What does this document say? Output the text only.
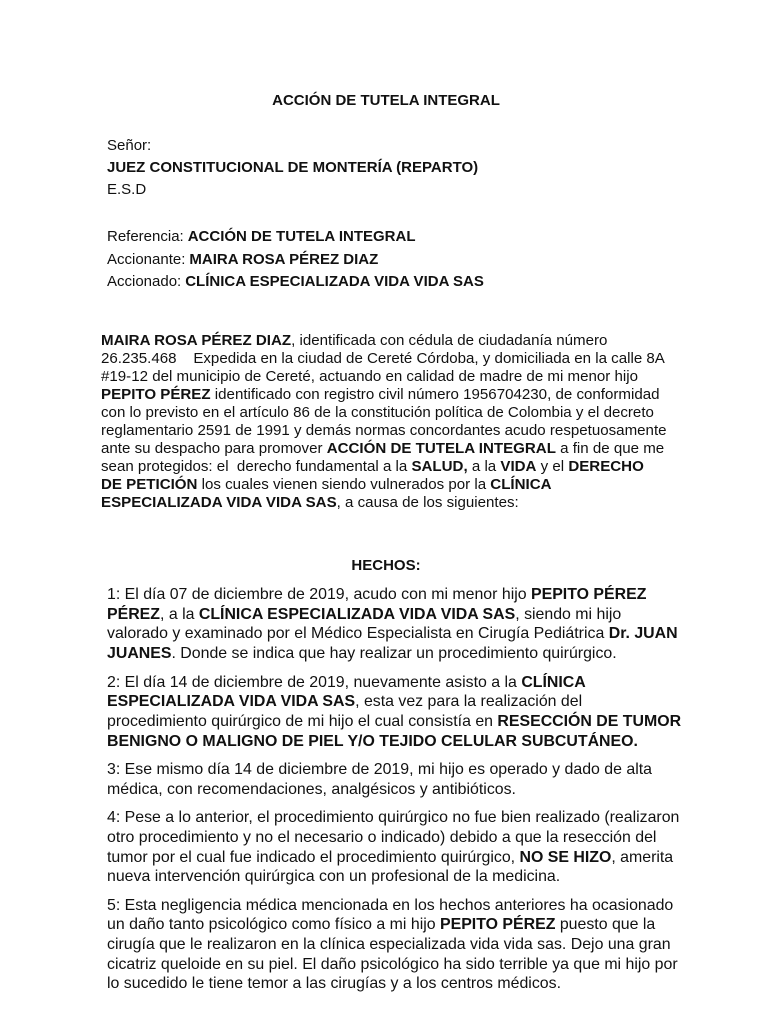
ACCIÓN DE TUTELA INTEGRAL
Señor:
JUEZ CONSTITUCIONAL DE MONTERÍA (REPARTO)
E.S.D
Referencia: ACCIÓN DE TUTELA INTEGRAL
Accionante: MAIRA ROSA PÉREZ DIAZ
Accionado: CLÍNICA ESPECIALIZADA VIDA VIDA SAS
MAIRA ROSA PÉREZ DIAZ, identificada con cédula de ciudadanía número
26.235.468    Expedida en la ciudad de Cereté Córdoba, y domiciliada en la calle 8A
#19-12 del municipio de Cereté, actuando en calidad de madre de mi menor hijo
PEPITO PÉREZ identificado con registro civil número 1956704230, de conformidad
con lo previsto en el artículo 86 de la constitución política de Colombia y el decreto
reglamentario 2591 de 1991 y demás normas concordantes acudo respetuosamente
ante su despacho para promover ACCIÓN DE TUTELA INTEGRAL a fin de que me
sean protegidos: el  derecho fundamental a la SALUD, a la VIDA y el DERECHO
DE PETICIÓN los cuales vienen siendo vulnerados por la CLÍNICA
ESPECIALIZADA VIDA VIDA SAS, a causa de los siguientes:
HECHOS:
1: El día 07 de diciembre de 2019, acudo con mi menor hijo PEPITO PÉREZ
PÉREZ, a la CLÍNICA ESPECIALIZADA VIDA VIDA SAS, siendo mi hijo
valorado y examinado por el Médico Especialista en Cirugía Pediátrica Dr. JUAN
JUANES. Donde se indica que hay realizar un procedimiento quirúrgico.
2: El día 14 de diciembre de 2019, nuevamente asisto a la CLÍNICA
ESPECIALIZADA VIDA VIDA SAS, esta vez para la realización del
procedimiento quirúrgico de mi hijo el cual consistía en RESECCIÓN DE TUMOR
BENIGNO O MALIGNO DE PIEL Y/O TEJIDO CELULAR SUBCUTÁNEO.
3: Ese mismo día 14 de diciembre de 2019, mi hijo es operado y dado de alta
médica, con recomendaciones, analgésicos y antibióticos.
4: Pese a lo anterior, el procedimiento quirúrgico no fue bien realizado (realizaron
otro procedimiento y no el necesario o indicado) debido a que la resección del
tumor por el cual fue indicado el procedimiento quirúrgico, NO SE HIZO, amerita
nueva intervención quirúrgica con un profesional de la medicina.
5: Esta negligencia médica mencionada en los hechos anteriores ha ocasionado
un daño tanto psicológico como físico a mi hijo PEPITO PÉREZ puesto que la
cirugía que le realizaron en la clínica especializada vida vida sas. Dejo una gran
cicatriz queloide en su piel. El daño psicológico ha sido terrible ya que mi hijo por
lo sucedido le tiene temor a las cirugías y a los centros médicos.
